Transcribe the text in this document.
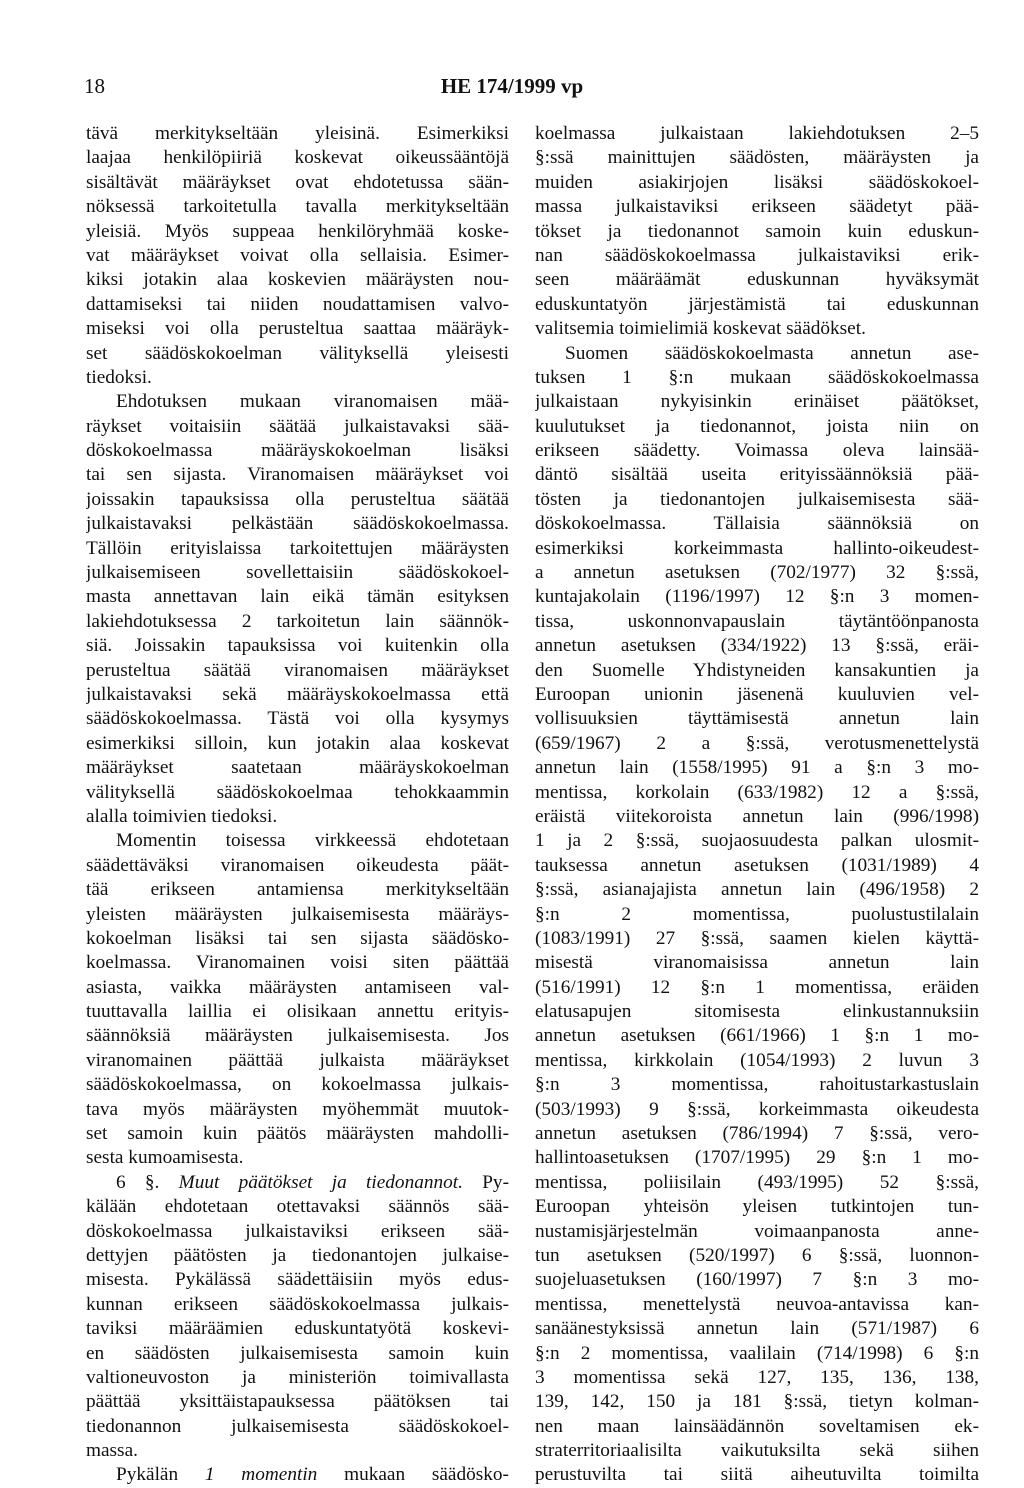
18	HE 174/1999 vp
tävä merkitykseltään yleisinä. Esimerkiksi
laajaa henkilöpiiriä koskevat oikeussääntöjä
sisältävät määräykset ovat ehdotetussa sään-
nöksessä tarkoitetulla tavalla merkitykseltään
yleisiä. Myös suppeaa henkilöryhmää koske-
vat määräykset voivat olla sellaisia. Esimer-
kiksi jotakin alaa koskevien määräysten nou-
dattamiseksi tai niiden noudattamisen valvo-
miseksi voi olla perusteltua saattaa määräyk-
set säädöskokoelman välityksellä yleisesti
tiedoksi.
Ehdotuksen mukaan viranomaisen mää-
räykset voitaisiin säätää julkaistavaksi sää-
döskokoelmassa määräyskokoelman lisäksi
tai sen sijasta. Viranomaisen määräykset voi
joissakin tapauksissa olla perusteltua säätää
julkaistavaksi pelkästään säädöskokoelmassa.
Tällöin erityislaissa tarkoitettujen määräysten
julkaisemiseen sovellettaisiin säädöskokoel-
masta annettavan lain eikä tämän esityksen
lakiehdotuksessa 2 tarkoitetun lain säännök-
siä. Joissakin tapauksissa voi kuitenkin olla
perusteltua säätää viranomaisen määräykset
julkaistavaksi sekä määräyskokoelmassa että
säädöskokoelmassa. Tästä voi olla kysymys
esimerkiksi silloin, kun jotakin alaa koskevat
määräykset saatetaan määräyskokoelman
välityksellä säädöskokoelmaa tehokkaammin
alalla toimivien tiedoksi.
Momentin toisessa virkkeessä ehdotetaan
säädettäväksi viranomaisen oikeudesta päät-
tää erikseen antamiensa merkitykseltään
yleisten määräysten julkaisemisesta määräys-
kokoelman lisäksi tai sen sijasta säädösko-
koelmassa. Viranomainen voisi siten päättää
asiasta, vaikka määräysten antamiseen val-
tuuttavalla laillia ei olisikaan annettu erityis-
säännöksiä määräysten julkaisemisesta. Jos
viranomainen päättää julkaista määräykset
säädöskokoelmassa, on kokoelmassa julkais-
tava myös määräysten myöhemmät muutok-
set samoin kuin päätös määräysten mahdolli-
sesta kumoamisesta.
6 §. Muut päätökset ja tiedonannot. Py-
kälään ehdotetaan otettavaksi säännös sää-
döskokoelmassa julkaistaviksi erikseen sää-
dettyjen päätösten ja tiedonantojen julkaise-
misesta. Pykälässä säädettäisiin myös edus-
kunnan erikseen säädöskokoelmassa julkais-
taviksi määräämien eduskuntatyötä koskevi-
en säädösten julkaisemisesta samoin kuin
valtioneuvoston ja ministeriön toimivallasta
päättää yksittäistapauksessa päätöksen tai
tiedonannon julkaisemisesta säädöskokoel-
massa.
Pykälän 1 momentin mukaan säädösko-
koelmassa julkaistaan lakiehdotuksen 2–5
§:ssä mainittujen säädösten, määräysten ja
muiden asiakirjojen lisäksi säädöskokoel-
massa julkaistaviksi erikseen säädetyt pää-
tökset ja tiedonannot samoin kuin eduskun-
nan säädöskokoelmassa julkaistaviksi erik-
seen määräämät eduskunnan hyväksymät
eduskuntatyön järjestämistä tai eduskunnan
valitsemia toimielimiä koskevat säädökset.
Suomen säädöskokoelmasta annetun ase-
tuksen 1 §:n mukaan säädöskokoelmassa
julkaistaan nykyisinkin erinäiset päätökset,
kuulutukset ja tiedonannot, joista niin on
erikseen säädetty. Voimassa oleva lainsää-
däntö sisältää useita erityissäännöksiä pää-
tösten ja tiedonantojen julkaisemisesta sää-
döskokoelmassa. Tällaisia säännöksiä on
esimerkiksi korkeimmasta hallinto-oikeudest-
a annetun asetuksen (702/1977) 32 §:ssä,
kuntajakolain (1196/1997) 12 §:n 3 momen-
tissa, uskonnonvapauslain täytäntöönpanosta
annetun asetuksen (334/1922) 13 §:ssä, eräi-
den Suomelle Yhdistyneiden kansakuntien ja
Euroopan unionin jäsenenä kuuluvien vel-
vollisuuksien täyttämisestä annetun lain
(659/1967) 2 a §:ssä, verotusmenettelystä
annetun lain (1558/1995) 91 a §:n 3 mo-
mentissa, korkolain (633/1982) 12 a §:ssä,
eräistä viitekoroista annetun lain (996/1998)
1 ja 2 §:ssä, suojaosuudesta palkan ulosmit-
tauksessa annetun asetuksen (1031/1989) 4
§:ssä, asianajajista annetun lain (496/1958) 2
§:n 2 momentissa, puolustustilalain
(1083/1991) 27 §:ssä, saamen kielen käyttä-
misestä viranomaisissa annetun lain
(516/1991) 12 §:n 1 momentissa, eräiden
elatusapujen sitomisesta elinkustannuksiin
annetun asetuksen (661/1966) 1 §:n 1 mo-
mentissa, kirkkolain (1054/1993) 2 luvun 3
§:n 3 momentissa, rahoitustarkastuslain
(503/1993) 9 §:ssä, korkeimmasta oikeudesta
annetun asetuksen (786/1994) 7 §:ssä, vero-
hallintoasetuksen (1707/1995) 29 §:n 1 mo-
mentissa, poliisilain (493/1995) 52 §:ssä,
Euroopan yhteisön yleisen tutkintojen tun-
nustamisjärjestelmän voimaanpanosta anne-
tun asetuksen (520/1997) 6 §:ssä, luonnon-
suojeluasetuksen (160/1997) 7 §:n 3 mo-
mentissa, menettelystä neuvoa-antavissa kan-
sanäänestyksissä annetun lain (571/1987) 6
§:n 2 momentissa, vaalilain (714/1998) 6 §:n
3 momentissa sekä 127, 135, 136, 138,
139, 142, 150 ja 181 §:ssä, tietyn kolman-
nen maan lainsäädännön soveltamisen ek-
straterritoriaalisilta vaikutuksilta sekä siihen
perustuvilta tai siitä aiheutuvilta toimilta
